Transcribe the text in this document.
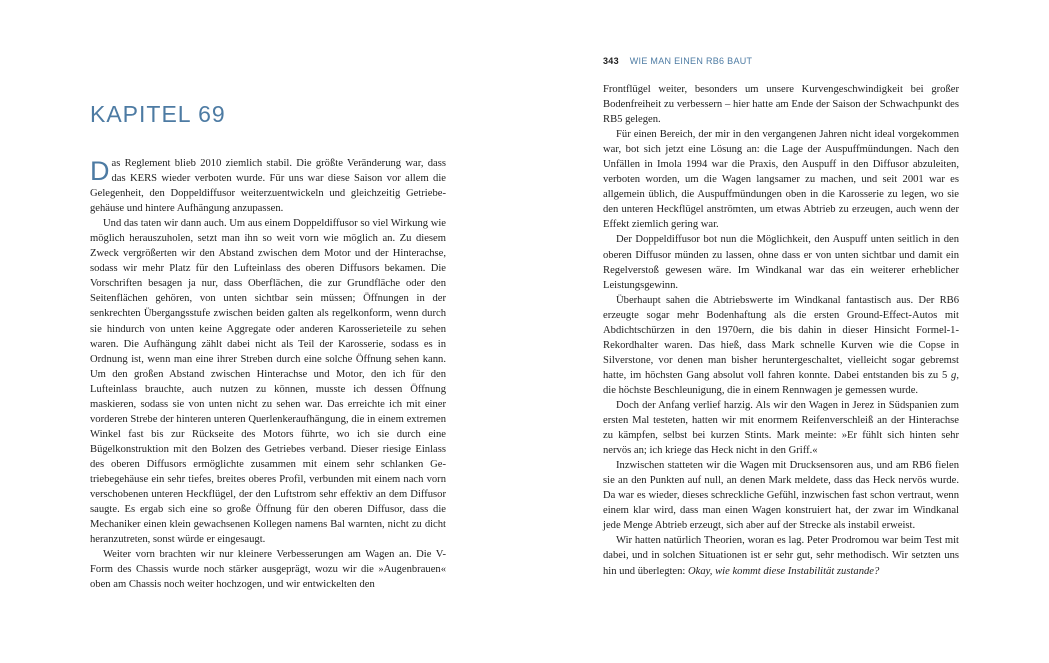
KAPITEL 69

Das Reglement blieb 2010 ziemlich stabil. Die größte Veränderung war, dass das KERS wieder verboten wurde. Für uns war diese Saison vor allem die Gelegenheit, den Doppeldiffusor weiterzuentwickeln und gleichzeitig Getriebegehäuse und hintere Aufhängung anzupassen.

Und das taten wir dann auch. Um aus einem Doppeldiffusor so viel Wirkung wie möglich herauszuholen, setzt man ihn so weit vorn wie möglich an. Zu diesem Zweck vergrößerten wir den Abstand zwischen dem Motor und der Hinterachse, sodass wir mehr Platz für den Lufteinlass des oberen Diffusors bekamen. Die Vorschriften besagen ja nur, dass Oberflächen, die zur Grundfläche oder den Seitenflächen gehören, von unten sichtbar sein müssen; Öffnungen in der senkrechten Übergangsstufe zwischen beiden galten als regelkonform, wenn durch sie hindurch von unten keine Aggregate oder anderen Karosserieteile zu sehen waren. Die Aufhängung zählt dabei nicht als Teil der Karosserie, sodass es in Ordnung ist, wenn man eine ihrer Streben durch eine solche Öffnung sehen kann. Um den großen Abstand zwischen Hinterachse und Motor, den ich für den Lufteinlass brauchte, auch nutzen zu können, musste ich dessen Öffnung maskieren, sodass sie von unten nicht zu sehen war. Das erreichte ich mit einer vorderen Strebe der hinteren unteren Querlenkeraufhängung, die in einem extremen Winkel fast bis zur Rückseite des Motors führte, wo ich sie durch eine Bügelkonstruktion mit den Bolzen des Getriebes verband. Dieser riesige Einlass des oberen Diffusors ermöglichte zusammen mit einem sehr schlanken Getriebegehäuse ein sehr tiefes, breites oberes Profil, verbunden mit einem nach vorn verschobenen unteren Heckflügel, der den Luftstrom sehr effektiv an dem Diffusor saugte. Es ergab sich eine so große Öffnung für den oberen Diffusor, dass die Mechaniker einen klein gewachsenen Kollegen namens Bal warnten, nicht zu dicht heranzutreten, sonst würde er eingesaugt.

Weiter vorn brachten wir nur kleinere Verbesserungen am Wagen an. Die V-Form des Chassis wurde noch stärker ausgeprägt, wozu wir die »Augenbrauen« oben am Chassis noch weiter hochzogen, und wir entwickelten den

343 WIE MAN EINEN RB6 BAUT

Frontflügel weiter, besonders um unsere Kurvengeschwindigkeit bei großer Bodenfreiheit zu verbessern – hier hatte am Ende der Saison der Schwachpunkt des RB5 gelegen.

Für einen Bereich, der mir in den vergangenen Jahren nicht ideal vorgekommen war, bot sich jetzt eine Lösung an: die Lage der Auspuffmündungen. Nach den Unfällen in Imola 1994 war die Praxis, den Auspuff in den Diffusor abzuleiten, verboten worden, um die Wagen langsamer zu machen, und seit 2001 war es allgemein üblich, die Auspuffmündungen oben in die Karosserie zu legen, wo sie den unteren Heckflügel anströmten, um etwas Abtrieb zu erzeugen, auch wenn der Effekt ziemlich gering war.

Der Doppeldiffusor bot nun die Möglichkeit, den Auspuff unten seitlich in den oberen Diffusor münden zu lassen, ohne dass er von unten sichtbar und damit ein Regelverstoß gewesen wäre. Im Windkanal war das ein weiterer erheblicher Leistungsgewinn.

Überhaupt sahen die Abtriebswerte im Windkanal fantastisch aus. Der RB6 erzeugte sogar mehr Bodenhaftung als die ersten Ground-Effect-Autos mit Abdichtschürzen in den 1970ern, die bis dahin in dieser Hinsicht Formel-1-Rekordhalter waren. Das hieß, dass Mark schnelle Kurven wie die Copse in Silverstone, vor denen man bisher heruntergeschaltet, vielleicht sogar gebremst hatte, im höchsten Gang absolut voll fahren konnte. Dabei entstanden bis zu 5 g, die höchste Beschleunigung, die in einem Rennwagen je gemessen wurde.

Doch der Anfang verlief harzig. Als wir den Wagen in Jerez in Südspanien zum ersten Mal testeten, hatten wir mit enormem Reifenverschleiß an der Hinterachse zu kämpfen, selbst bei kurzen Stints. Mark meinte: »Er fühlt sich hinten sehr nervös an; ich kriege das Heck nicht in den Griff.«

Inzwischen statteten wir die Wagen mit Drucksensoren aus, und am RB6 fielen sie an den Punkten auf null, an denen Mark meldete, dass das Heck nervös wurde. Da war es wieder, dieses schreckliche Gefühl, inzwischen fast schon vertraut, wenn einem klar wird, dass man einen Wagen konstruiert hat, der zwar im Windkanal jede Menge Abtrieb erzeugt, sich aber auf der Strecke als instabil erweist.

Wir hatten natürlich Theorien, woran es lag. Peter Prodromou war beim Test mit dabei, und in solchen Situationen ist er sehr gut, sehr methodisch. Wir setzten uns hin und überlegten: Okay, wie kommt diese Instabilität zustande?
